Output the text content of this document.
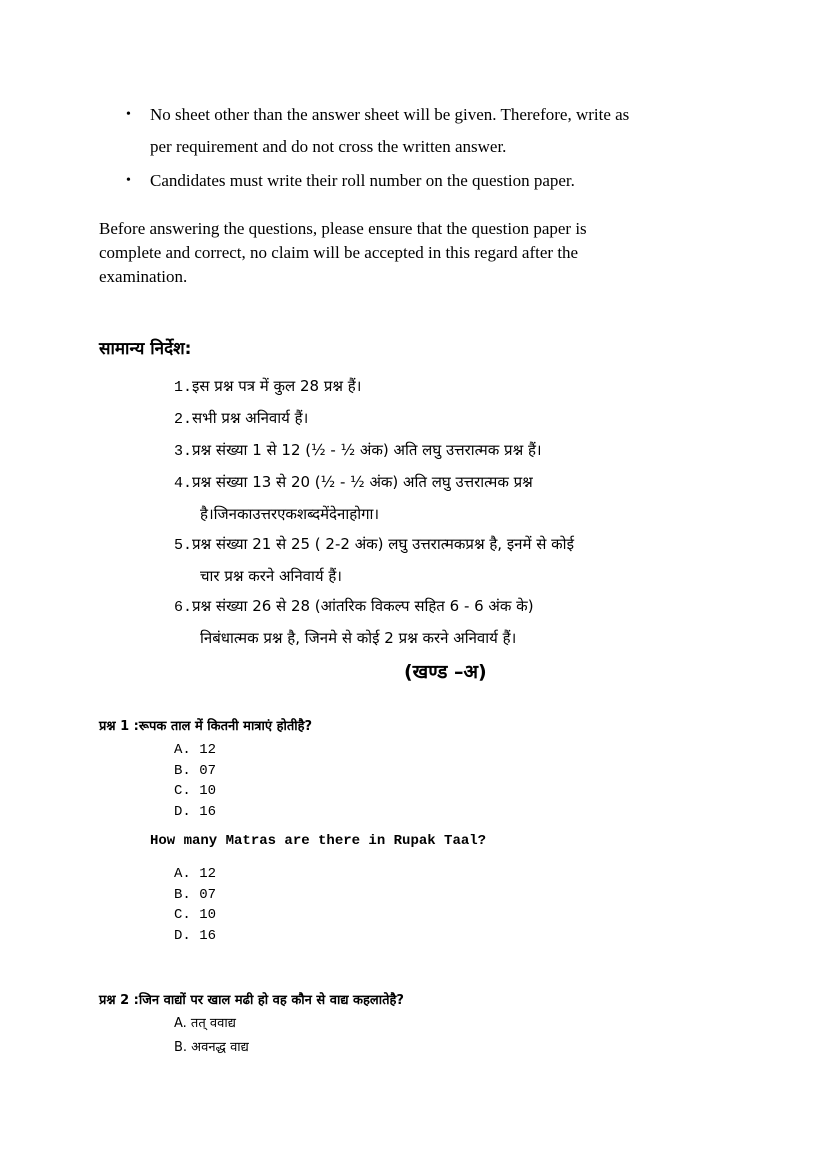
• No sheet other than the answer sheet will be given. Therefore, write as
per requirement and do not cross the written answer.
• Candidates must write their roll number on the question paper.
Before answering the questions, please ensure that the question paper is
complete and correct, no claim will be accepted in this regard after the
examination.
सामान्य निर्देश:
1.इस प्रश्न पत्र में कुल 28 प्रश्न हैं।
2.सभी प्रश्न अनिवार्य हैं।
3.प्रश्न संख्या 1 से 12 (½ - ½ अंक) अति लघु उत्तरात्मक प्रश्न हैं।
4.प्रश्न संख्या 13 से 20 (½ - ½ अंक) अति लघु उत्तरात्मक प्रश्न
है।जिनकाउत्तरएकशब्दमेंदेनाहोगा।
5.प्रश्न संख्या 21 से 25 ( 2-2 अंक) लघु उत्तरात्मकप्रश्न है, इनमें से कोई
चार प्रश्न करने अनिवार्य हैं।
6.प्रश्न संख्या 26 से 28 (आंतरिक विकल्प सहित 6 - 6 अंक के)
निबंधात्मक प्रश्न है, जिनमे से कोई 2 प्रश्न करने अनिवार्य हैं।
(खण्ड –अ)
प्रश्न 1 :रूपक ताल में कितनी मात्राएं होतीहै?
A. 12
B. 07
C. 10
D. 16
How many Matras are there in Rupak Taal?
A. 12
B. 07
C. 10
D. 16
प्रश्न 2 :जिन वाद्यों पर खाल मढी हो वह कौन से वाद्य कहलातेहै?
A. तत् ववाद्य
B. अवनद्ध वाद्य
